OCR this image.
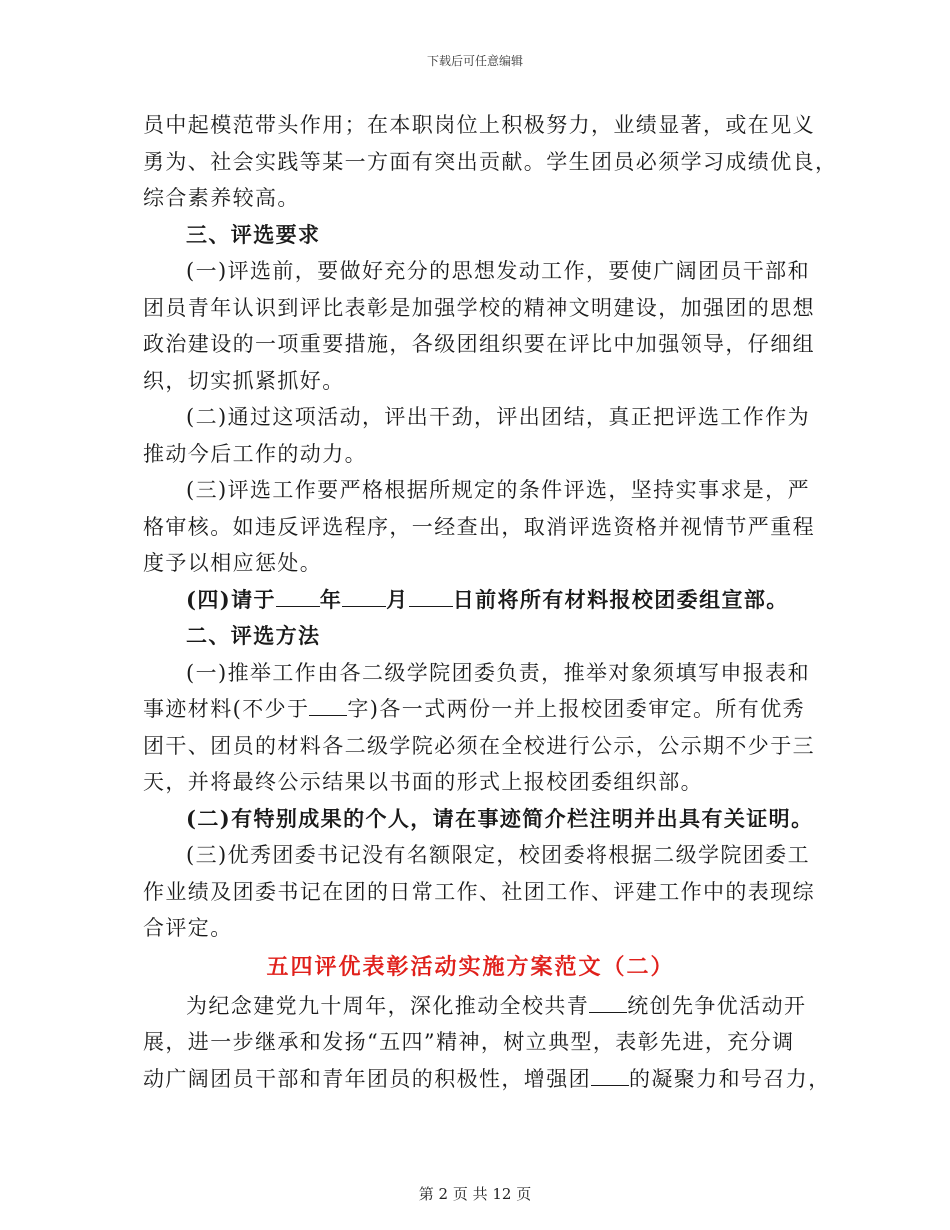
下载后可任意编辑
员中起模范带头作用；在本职岗位上积极努力，业绩显著，或在见义
勇为、社会实践等某一方面有突出贡献。学生团员必须学习成绩优良，
综合素养较高。
三、评选要求
(一)评选前，要做好充分的思想发动工作，要使广阔团员干部和
团员青年认识到评比表彰是加强学校的精神文明建设，加强团的思想
政治建设的一项重要措施，各级团组织要在评比中加强领导，仔细组
织，切实抓紧抓好。
(二)通过这项活动，评出干劲，评出团结，真正把评选工作作为
推动今后工作的动力。
(三)评选工作要严格根据所规定的条件评选，坚持实事求是，严
格审核。如违反评选程序，一经查出，取消评选资格并视情节严重程
度予以相应惩处。
(四)请于 年 月 日前将所有材料报校团委组宣部。
二、评选方法
(一)推举工作由各二级学院团委负责，推举对象须填写申报表和
事迹材料(不少于 字)各一式两份一并上报校团委审定。所有优秀
团干、团员的材料各二级学院必须在全校进行公示，公示期不少于三
天，并将最终公示结果以书面的形式上报校团委组织部。
(二)有特别成果的个人，请在事迹简介栏注明并出具有关证明。
(三)优秀团委书记没有名额限定，校团委将根据二级学院团委工
作业绩及团委书记在团的日常工作、社团工作、评建工作中的表现综
合评定。
五四评优表彰活动实施方案范文（二）
为纪念建党九十周年，深化推动全校共青 统创先争优活动开
展，进一步继承和发扬“五四”精神，树立典型，表彰先进，充分调
动广阔团员干部和青年团员的积极性，增强团 的凝聚力和号召力，
第 2 页 共 12 页
